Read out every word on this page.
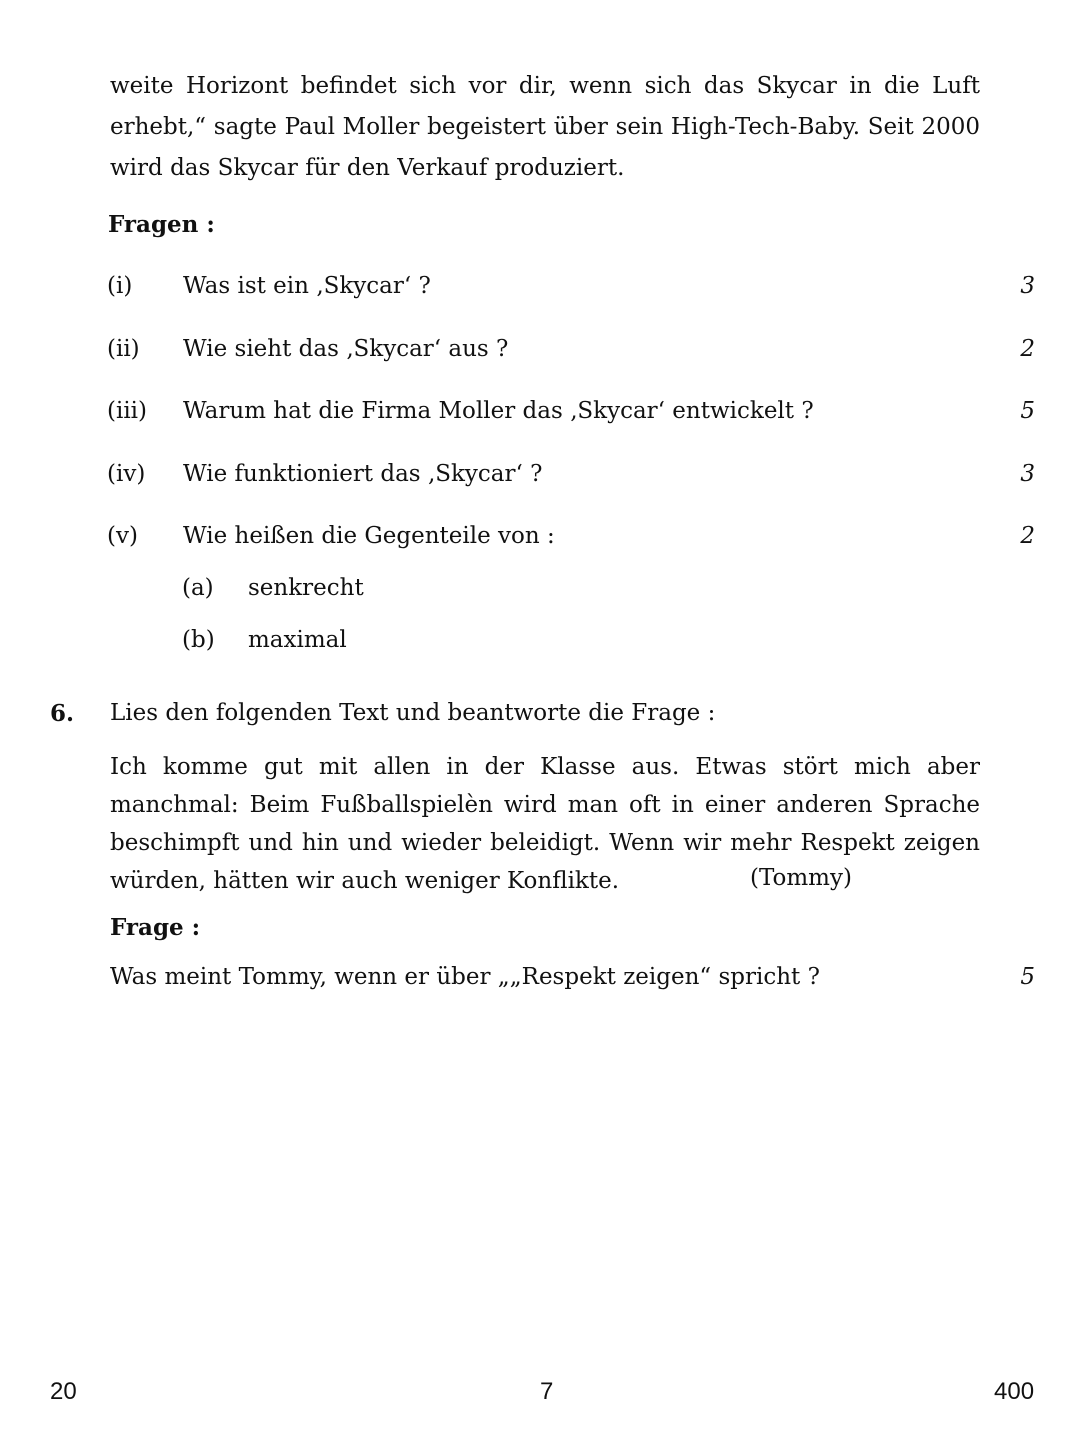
weite Horizont befindet sich vor dir, wenn sich das Skycar in die Luft erhebt,“ sagte Paul Moller begeistert über sein High-Tech-Baby. Seit 2000 wird das Skycar für den Verkauf produziert.

Fragen :
(i) Was ist ein ‚Skycar‘ ?	3
(ii) Wie sieht das ‚Skycar‘ aus ?	2
(iii) Warum hat die Firma Moller das ‚Skycar‘ entwickelt ?	5
(iv) Wie funktioniert das ‚Skycar‘ ?	3
(v) Wie heißen die Gegenteile von :	2
(a) senkrecht
(b) maximal
6. Lies den folgenden Text und beantworte die Frage :

Ich komme gut mit allen in der Klasse aus. Etwas stört mich aber manchmal: Beim Fußballspielèn wird man oft in einer anderen Sprache beschimpft und hin und wieder beleidigt. Wenn wir mehr Respekt zeigen würden, hätten wir auch weniger Konflikte.	(Tommy)
Frage :
Was meint Tommy, wenn er über „„Respekt zeigen“ spricht ?	5
20	7	400
